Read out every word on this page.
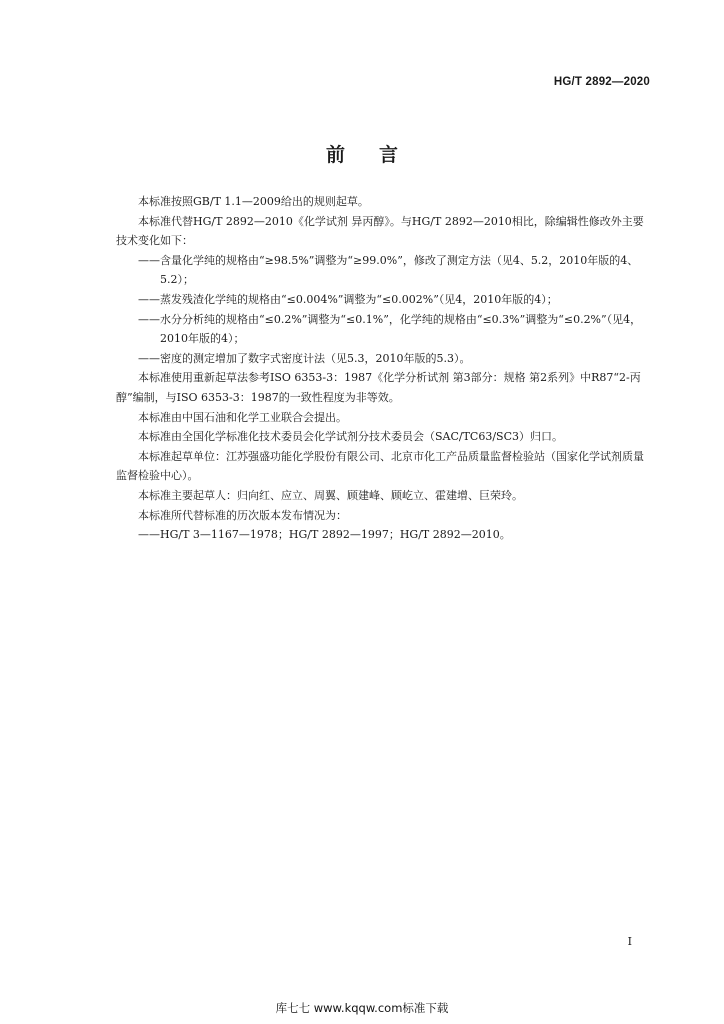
HG/T 2892—2020
前言

本标准按照GB/T 1.1—2009给出的规则起草。

本标准代替HG/T 2892—2010《化学试剂 异丙醇》。与HG/T 2892—2010相比，除编辑性修改外主要技术变化如下：

——含量化学纯的规格由“≥98.5%”调整为“≥99.0%”，修改了测定方法（见4、5.2，2010年版的4、5.2）；

——蒸发残渣化学纯的规格由“≤0.004%”调整为“≤0.002%”（见4，2010年版的4）；

——水分分析纯的规格由“≤0.2%”调整为“≤0.1%”，化学纯的规格由“≤0.3%”调整为“≤0.2%”（见4，2010年版的4）；

——密度的测定增加了数字式密度计法（见5.3，2010年版的5.3）。

本标准使用重新起草法参考ISO 6353-3：1987《化学分析试剂 第3部分：规格 第2系列》中R87“2-丙醇”编制，与ISO 6353-3：1987的一致性程度为非等效。

本标准由中国石油和化学工业联合会提出。

本标准由全国化学标准化技术委员会化学试剂分技术委员会（SAC/TC63/SC3）归口。

本标准起草单位：江苏强盛功能化学股份有限公司、北京市化工产品质量监督检验站（国家化学试剂质量监督检验中心）。

本标准主要起草人：归向红、应立、周翼、顾建峰、顾屹立、霍建增、巨荣玲。

本标准所代替标准的历次版本发布情况为：

——HG/T 3—1167—1978；HG/T 2892—1997；HG/T 2892—2010。

I
库七七 www.kqqw.com标准下载
